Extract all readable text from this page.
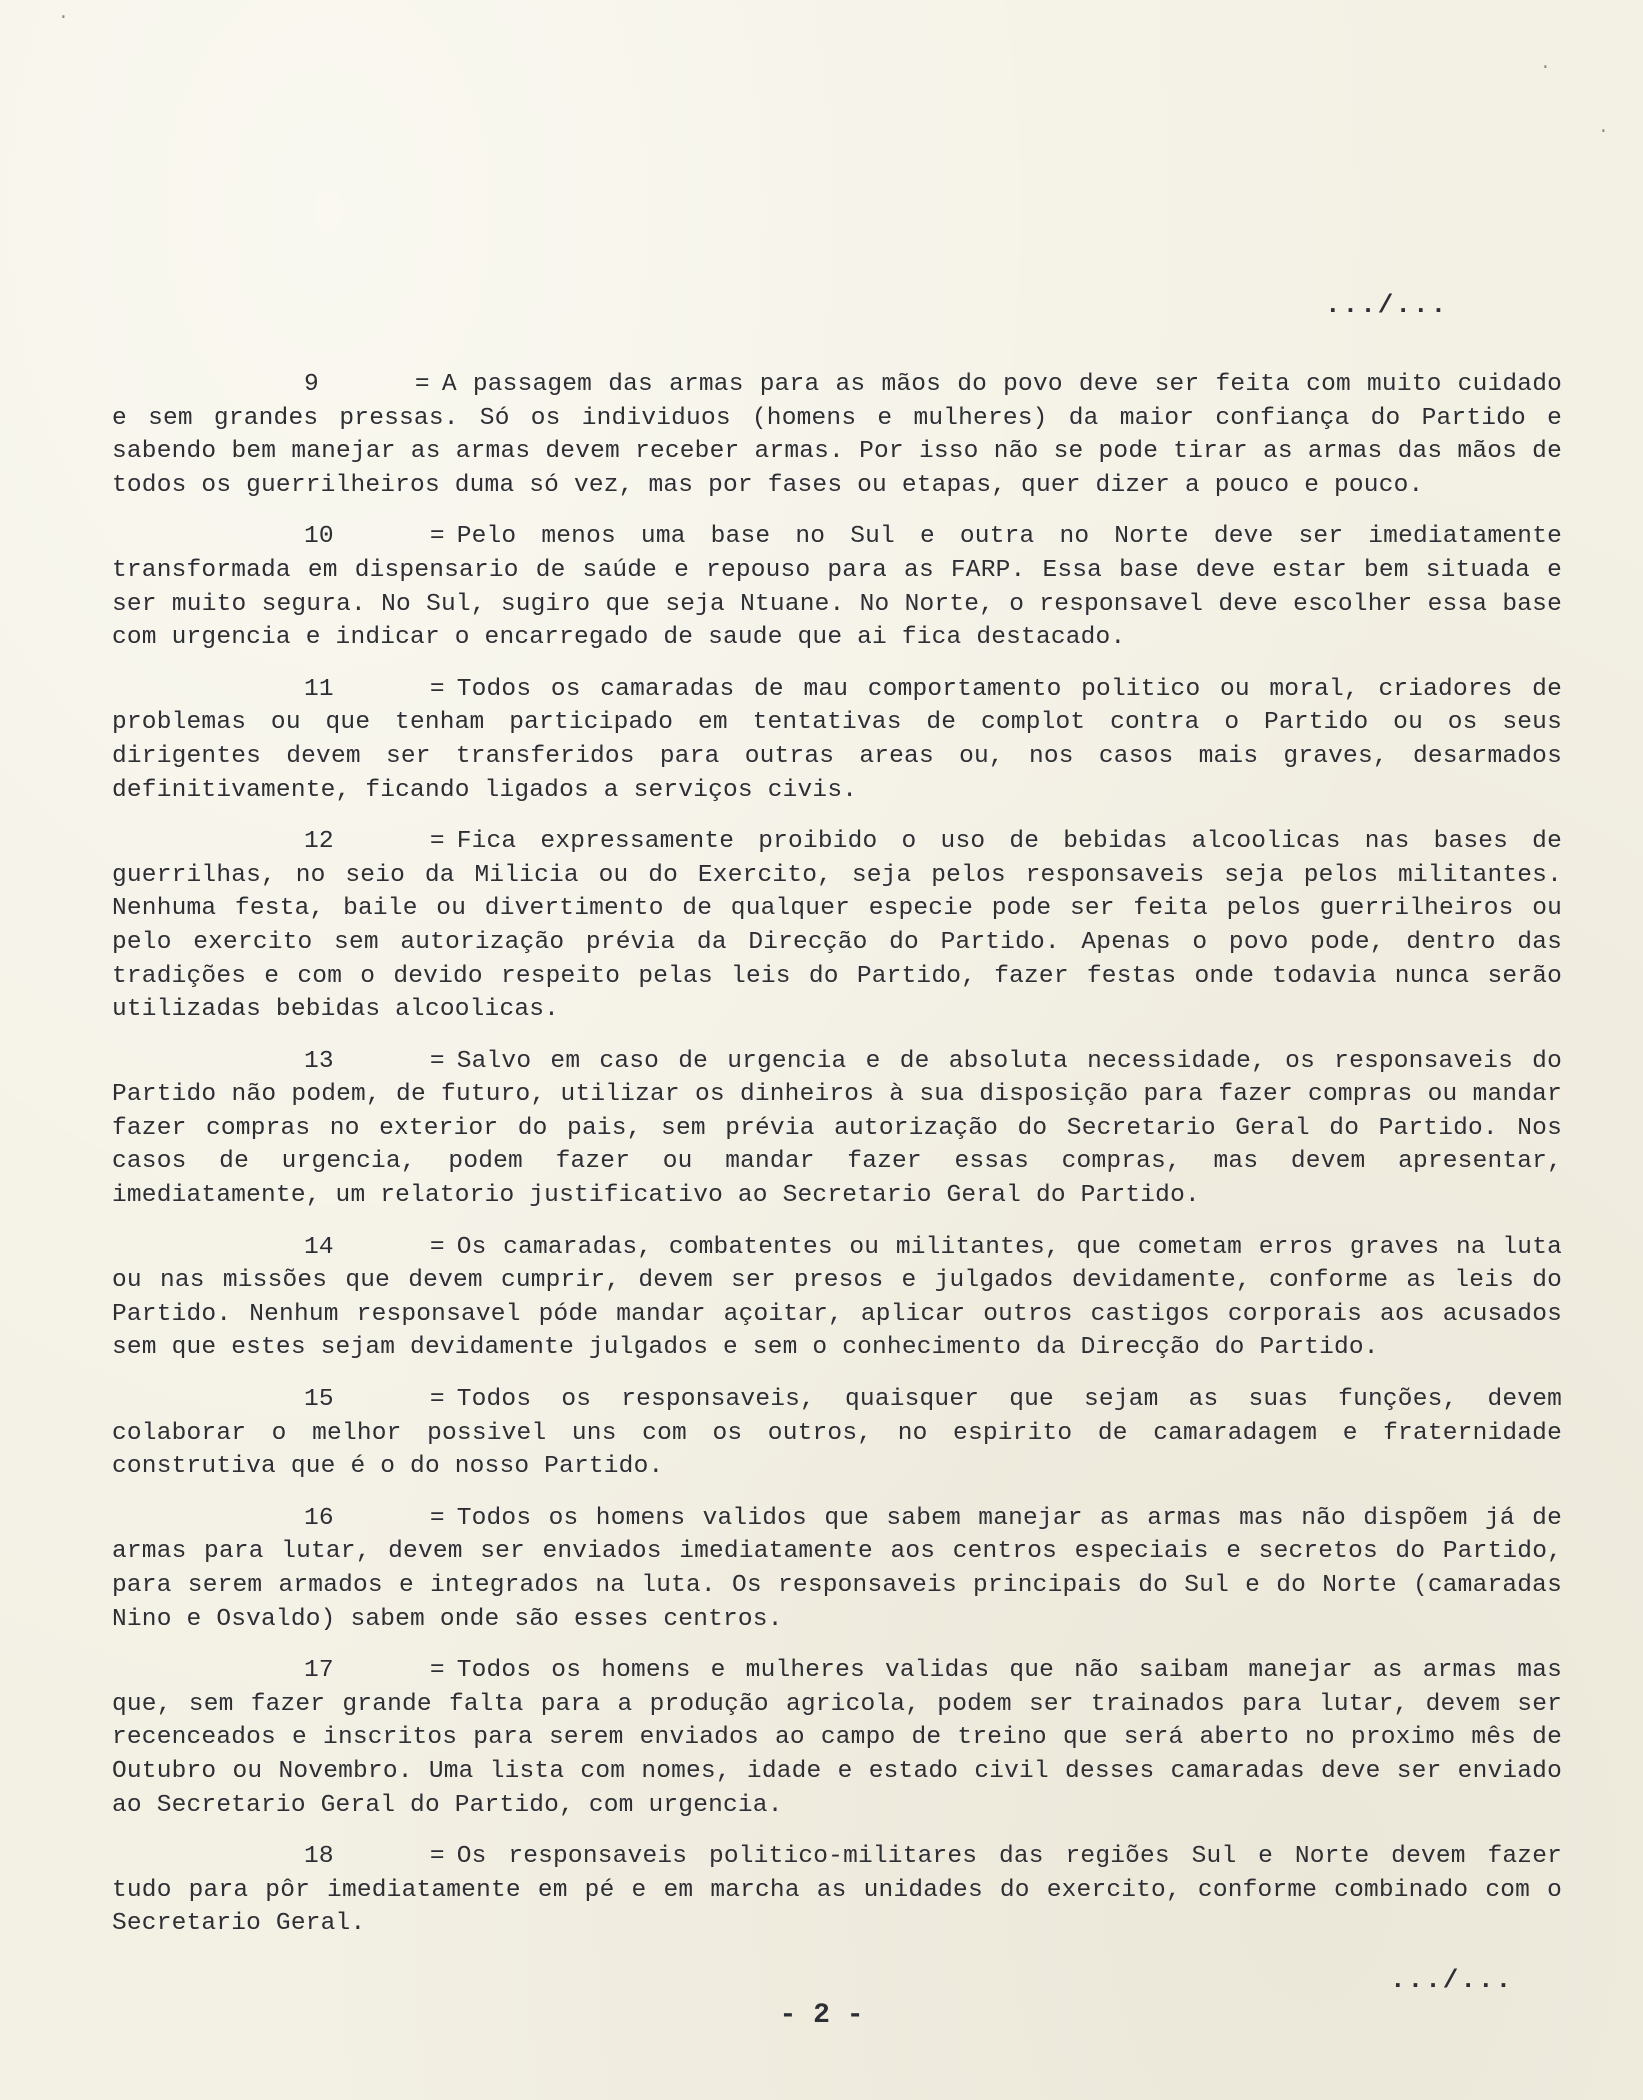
·
·
·
.../...

9	= A passagem das armas para as mãos do povo deve ser feita com muito cuidado e sem grandes pressas. Só os individuos (homens e mulheres) da maior confiança do Partido e sabendo bem manejar as armas devem receber armas. Por isso não se pode tirar as armas das mãos de todos os guerrilheiros duma só vez, mas por fases ou etapas, quer dizer a pouco e pouco.

10	= Pelo menos uma base no Sul e outra no Norte deve ser imediatamente transformada em dispensario de saúde e repouso para as FARP. Essa base deve estar bem situada e ser muito segura. No Sul, sugiro que seja Ntuane. No Norte, o responsavel deve escolher essa base com urgencia e indicar o encarregado de saude que ai fica destacado.

11	= Todos os camaradas de mau comportamento politico ou moral, criadores de problemas ou que tenham participado em tentativas de complot contra o Partido ou os seus dirigentes devem ser transferidos para outras areas ou, nos casos mais graves, desarmados definitivamente, ficando ligados a serviços civis.

12	= Fica expressamente proibido o uso de bebidas alcoolicas nas bases de guerrilhas, no seio da Milicia ou do Exercito, seja pelos responsaveis seja pelos militantes. Nenhuma festa, baile ou divertimento de qualquer especie pode ser feita pelos guerrilheiros ou pelo exercito sem autorização prévia da Direcção do Partido. Apenas o povo pode, dentro das tradições e com o devido respeito pelas leis do Partido, fazer festas onde todavia nunca serão utilizadas bebidas alcoolicas.

13	= Salvo em caso de urgencia e de absoluta necessidade, os responsaveis do Partido não podem, de futuro, utilizar os dinheiros à sua disposição para fazer compras ou mandar fazer compras no exterior do pais, sem prévia autorização do Secretario Geral do Partido. Nos casos de urgencia, podem fazer ou mandar fazer essas compras, mas devem apresentar, imediatamente, um relatorio justificativo ao Secretario Geral do Partido.

14	= Os camaradas, combatentes ou militantes, que cometam erros graves na luta ou nas missões que devem cumprir, devem ser presos e julgados devidamente, conforme as leis do Partido. Nenhum responsavel póde mandar açoitar, aplicar outros castigos corporais aos acusados sem que estes sejam devidamente julgados e sem o conhecimento da Direcção do Partido.

15	= Todos os responsaveis, quaisquer que sejam as suas funções, devem colaborar o melhor possivel uns com os outros, no espirito de camaradagem e fraternidade construtiva que é o do nosso Partido.

16	= Todos os homens validos que sabem manejar as armas mas não dispõem já de armas para lutar, devem ser enviados imediatamente aos centros especiais e secretos do Partido, para serem armados e integrados na luta. Os responsaveis principais do Sul e do Norte (camaradas Nino e Osvaldo) sabem onde são esses centros.

17	= Todos os homens e mulheres validas que não saibam manejar as armas mas que, sem fazer grande falta para a produção agricola, podem ser trainados para lutar, devem ser recenceados e inscritos para serem enviados ao campo de treino que será aberto no proximo mês de Outubro ou Novembro. Uma lista com nomes, idade e estado civil desses camaradas deve ser enviado ao Secretario Geral do Partido, com urgencia.

18	= Os responsaveis politico-militares das regiões Sul e Norte devem fazer tudo para pôr imediatamente em pé e em marcha as unidades do exercito, conforme combinado com o Secretario Geral.

.../...
- 2 -
